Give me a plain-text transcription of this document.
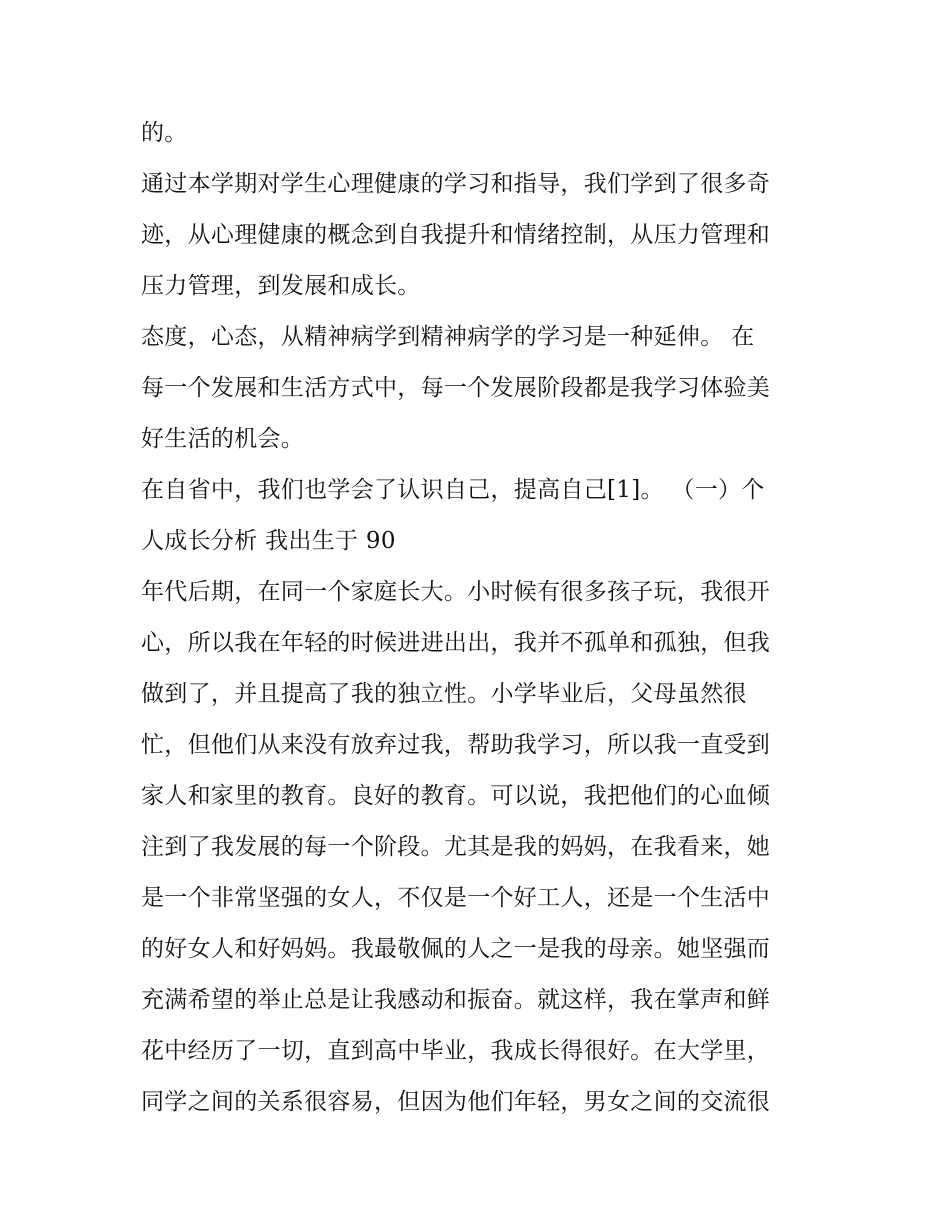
的。
通过本学期对学生心理健康的学习和指导，我们学到了很多奇
迹，从心理健康的概念到自我提升和情绪控制，从压力管理和
压力管理，到发展和成长。
态度，心态，从精神病学到精神病学的学习是一种延伸。 在
每一个发展和生活方式中，每一个发展阶段都是我学习体验美
好生活的机会。
在自省中，我们也学会了认识自己，提高自己[1]。 （一）个
人成长分析 我出生于 90
年代后期，在同一个家庭长大。小时候有很多孩子玩，我很开
心，所以我在年轻的时候进进出出，我并不孤单和孤独，但我
做到了，并且提高了我的独立性。小学毕业后，父母虽然很
忙，但他们从来没有放弃过我，帮助我学习，所以我一直受到
家人和家里的教育。良好的教育。可以说，我把他们的心血倾
注到了我发展的每一个阶段。尤其是我的妈妈，在我看来，她
是一个非常坚强的女人，不仅是一个好工人，还是一个生活中
的好女人和好妈妈。我最敬佩的人之一是我的母亲。她坚强而
充满希望的举止总是让我感动和振奋。就这样，我在掌声和鲜
花中经历了一切，直到高中毕业，我成长得很好。在大学里，
同学之间的关系很容易，但因为他们年轻，男女之间的交流很
